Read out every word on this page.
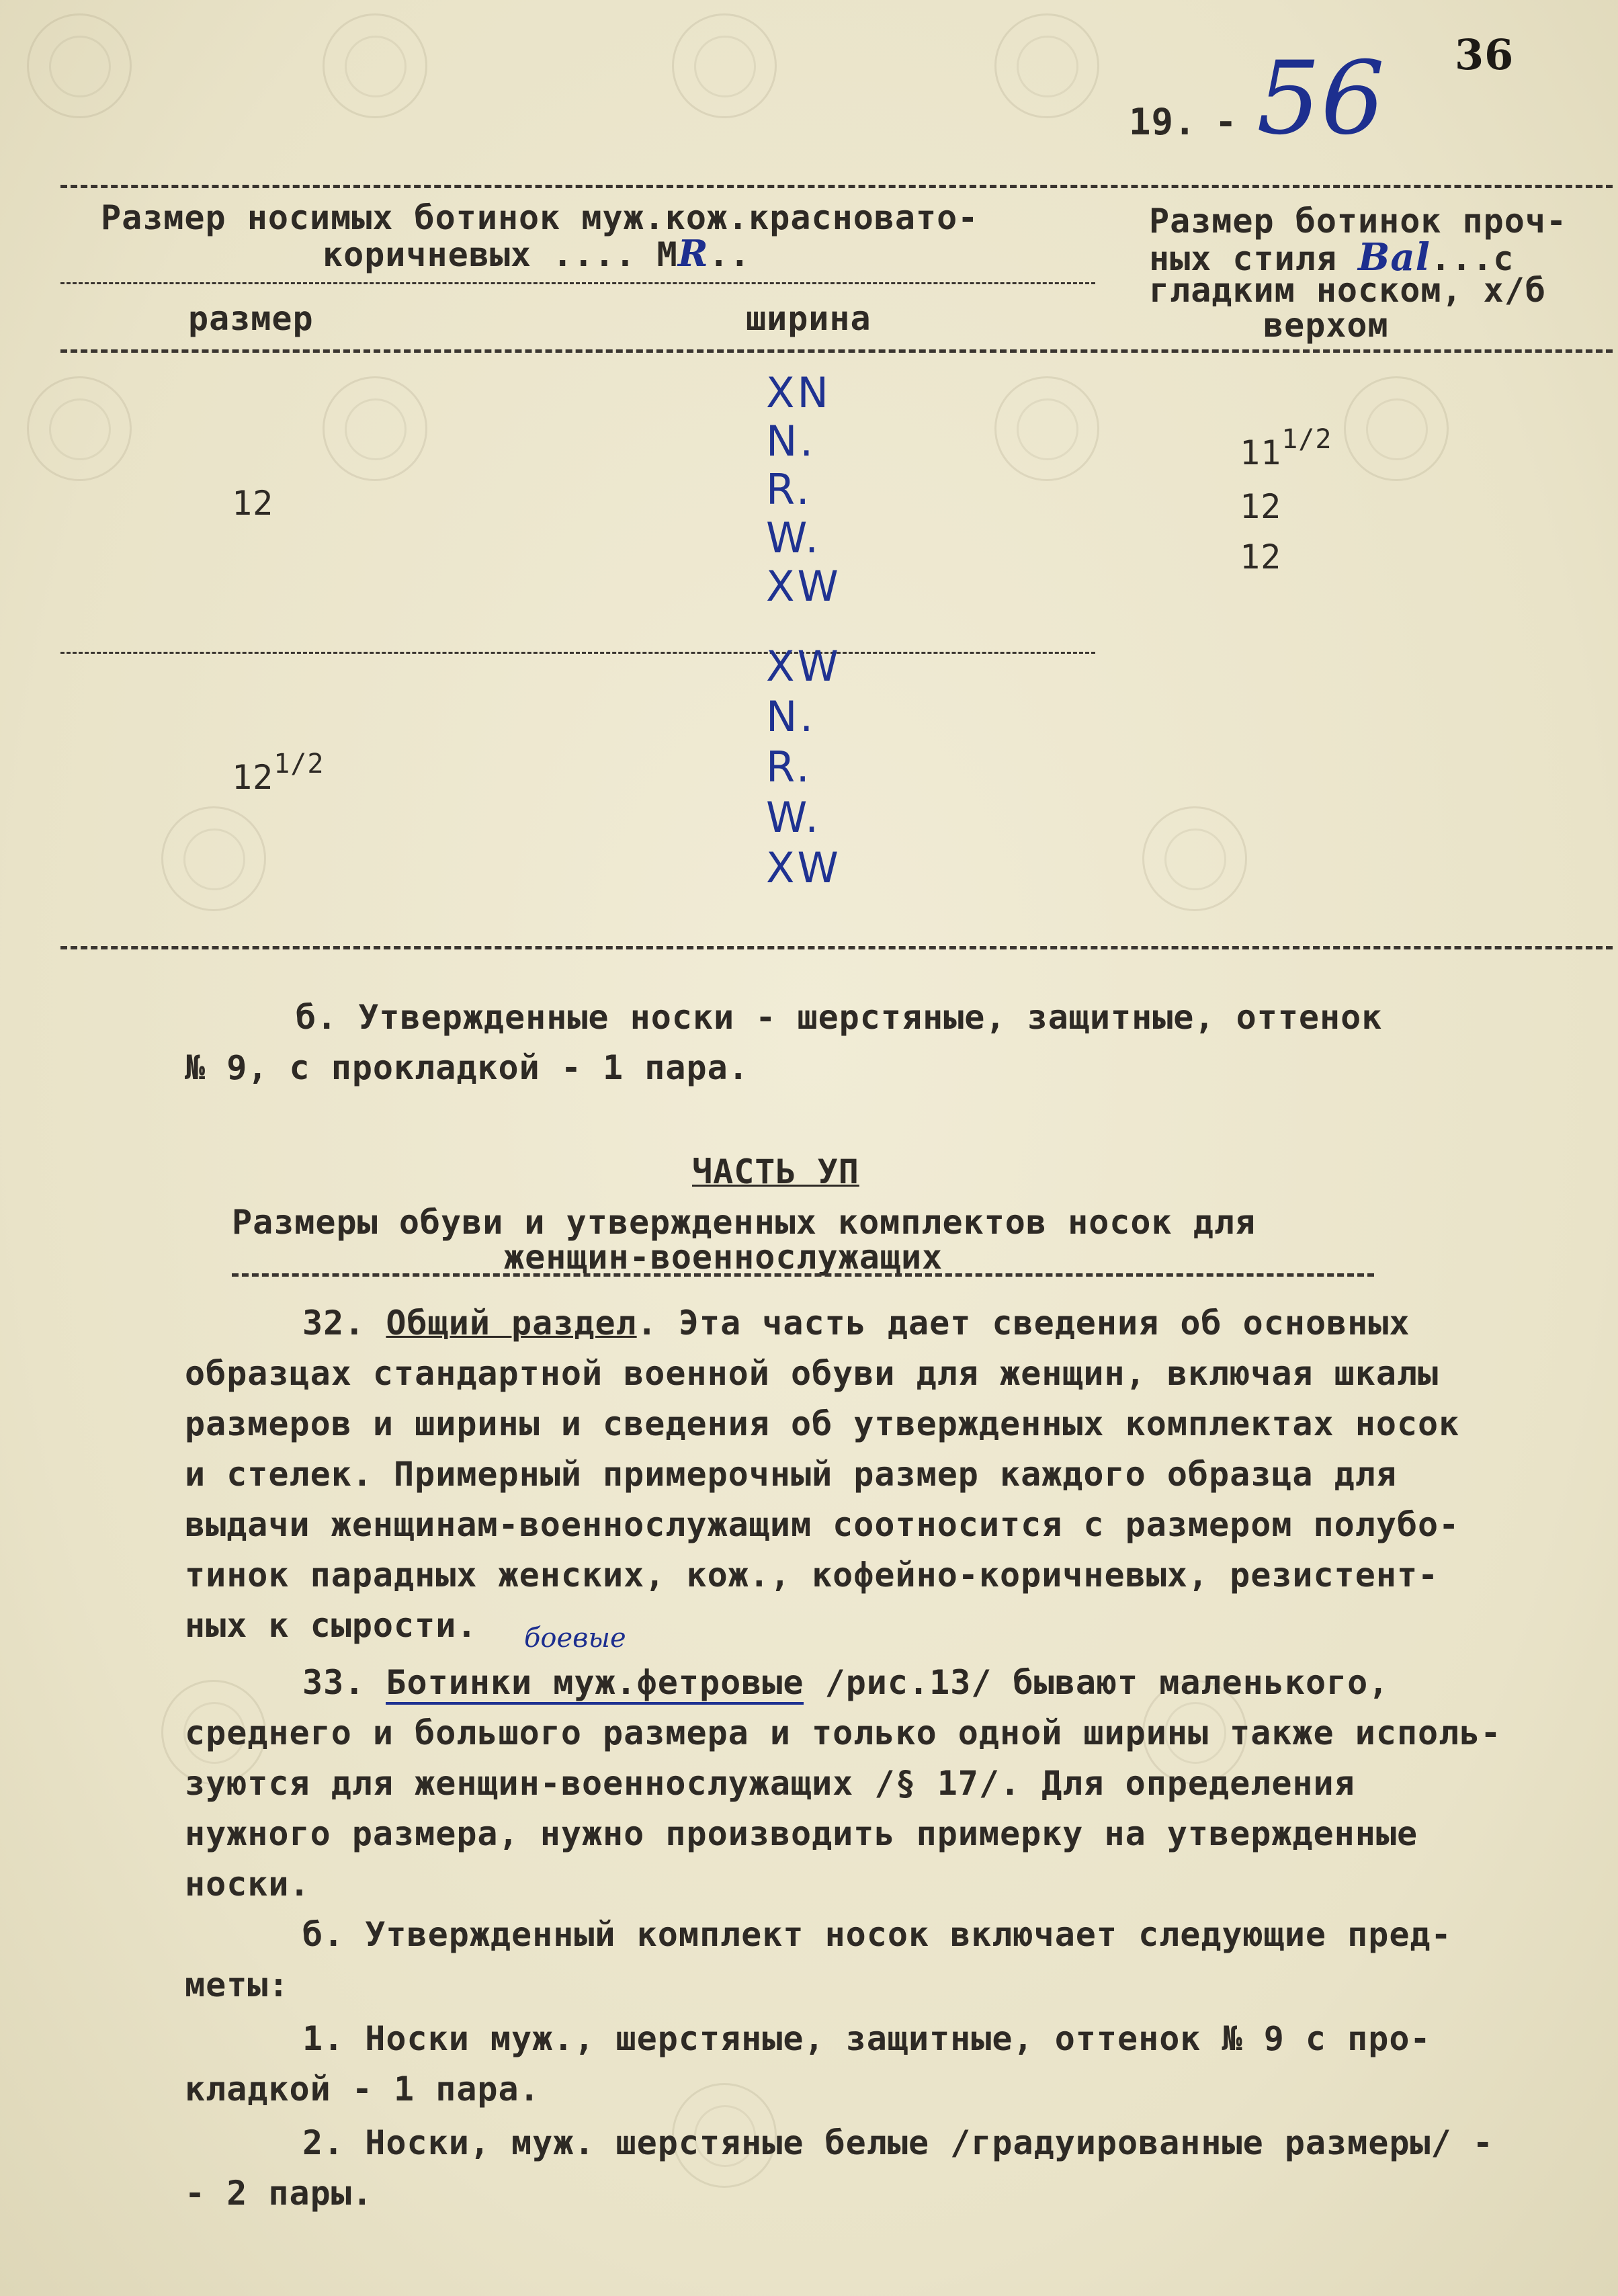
19. - 56 36
Размер носимых ботинок муж.кож.красновато-
коричневых .... MR..
Размер ботинок проч-
ных стиля Bal...с
гладким носком, х/б
верхом
размер	ширина
12
XN
N.
R.
W.
XW
$11^{1/2}$
12
12
XW
N.
R.
W.
XW
$12^{1/2}$
б. Утвержденные носки - шерстяные, защитные, оттенок
№ 9, с прокладкой - 1 пара.
ЧАСТЬ УП
Размеры обуви и утвержденных комплектов носок для
женщин-военнослужащих
32. Общий раздел. Эта часть дает сведения об основных
образцах стандартной военной обуви для женщин, включая шкалы
размеров и ширины и сведения об утвержденных комплектах носок
и стелек. Примерный примерочный размер каждого образца для
выдачи женщинам-военнослужащим соотносится с размером полубо-
тинок парадных женских, кож., кофейно-коричневых, резистент-
ных к сырости. боевые
33. Ботинки муж.фетровые /рис.13/ бывают маленького,
среднего и большого размера и только одной ширины также исполь-
зуются для женщин-военнослужащих /§ 17/. Для определения
нужного размера, нужно производить примерку на утвержденные
носки.
б. Утвержденный комплект носок включает следующие пред-
меты:
1. Носки муж., шерстяные, защитные, оттенок № 9 с про-
кладкой - 1 пара.
2. Носки, муж. шерстяные белые /градуированные размеры/ -
- 2 пары.
